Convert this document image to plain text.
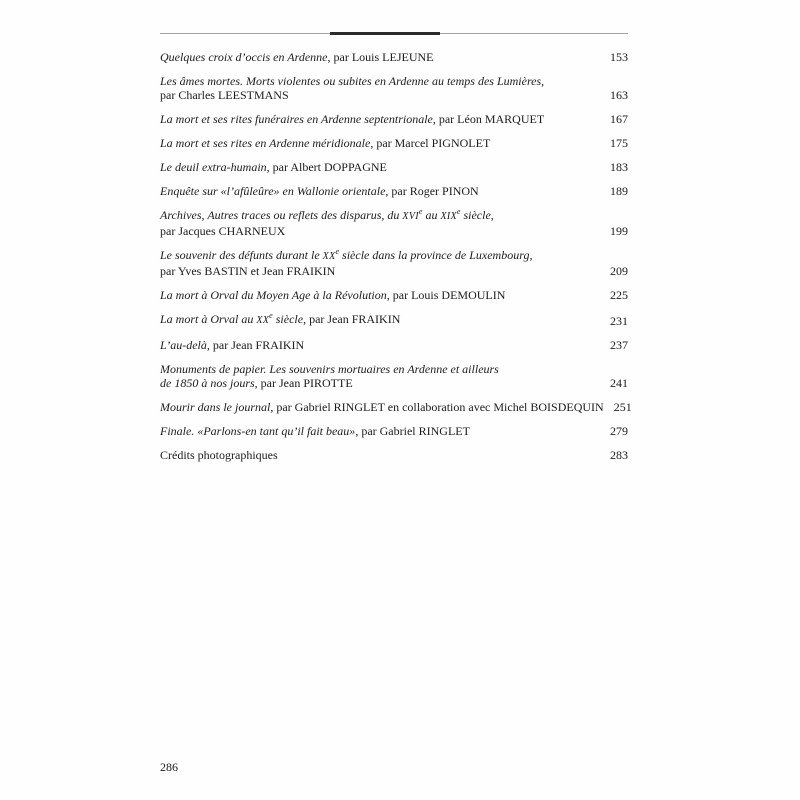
Quelques croix d’occis en Ardenne, par Louis LEJEUNE	153
Les âmes mortes. Morts violentes ou subites en Ardenne au temps des Lumières,
par Charles LEESTMANS	163
La mort et ses rites funéraires en Ardenne septentrionale, par Léon MARQUET	167
La mort et ses rites en Ardenne méridionale, par Marcel PIGNOLET	175
Le deuil extra-humain, par Albert DOPPAGNE	183
Enquête sur «l’afûleûre» en Wallonie orientale, par Roger PINON	189
Archives, Autres traces ou reflets des disparus, du XVIe au XIXe siècle,
par Jacques CHARNEUX	199
Le souvenir des défunts durant le XXe siècle dans la province de Luxembourg,
par Yves BASTIN et Jean FRAIKIN	209
La mort à Orval du Moyen Age à la Révolution, par Louis DEMOULIN	225
La mort à Orval au XXe siècle, par Jean FRAIKIN	231
L’au-delà, par Jean FRAIKIN	237
Monuments de papier. Les souvenirs mortuaires en Ardenne et ailleurs
de 1850 à nos jours, par Jean PIROTTE	241
Mourir dans le journal, par Gabriel RINGLET en collaboration avec Michel BOISDEQUIN 251
Finale. «Parlons-en tant qu’il fait beau», par Gabriel RINGLET	279
Crédits photographiques	283
286
